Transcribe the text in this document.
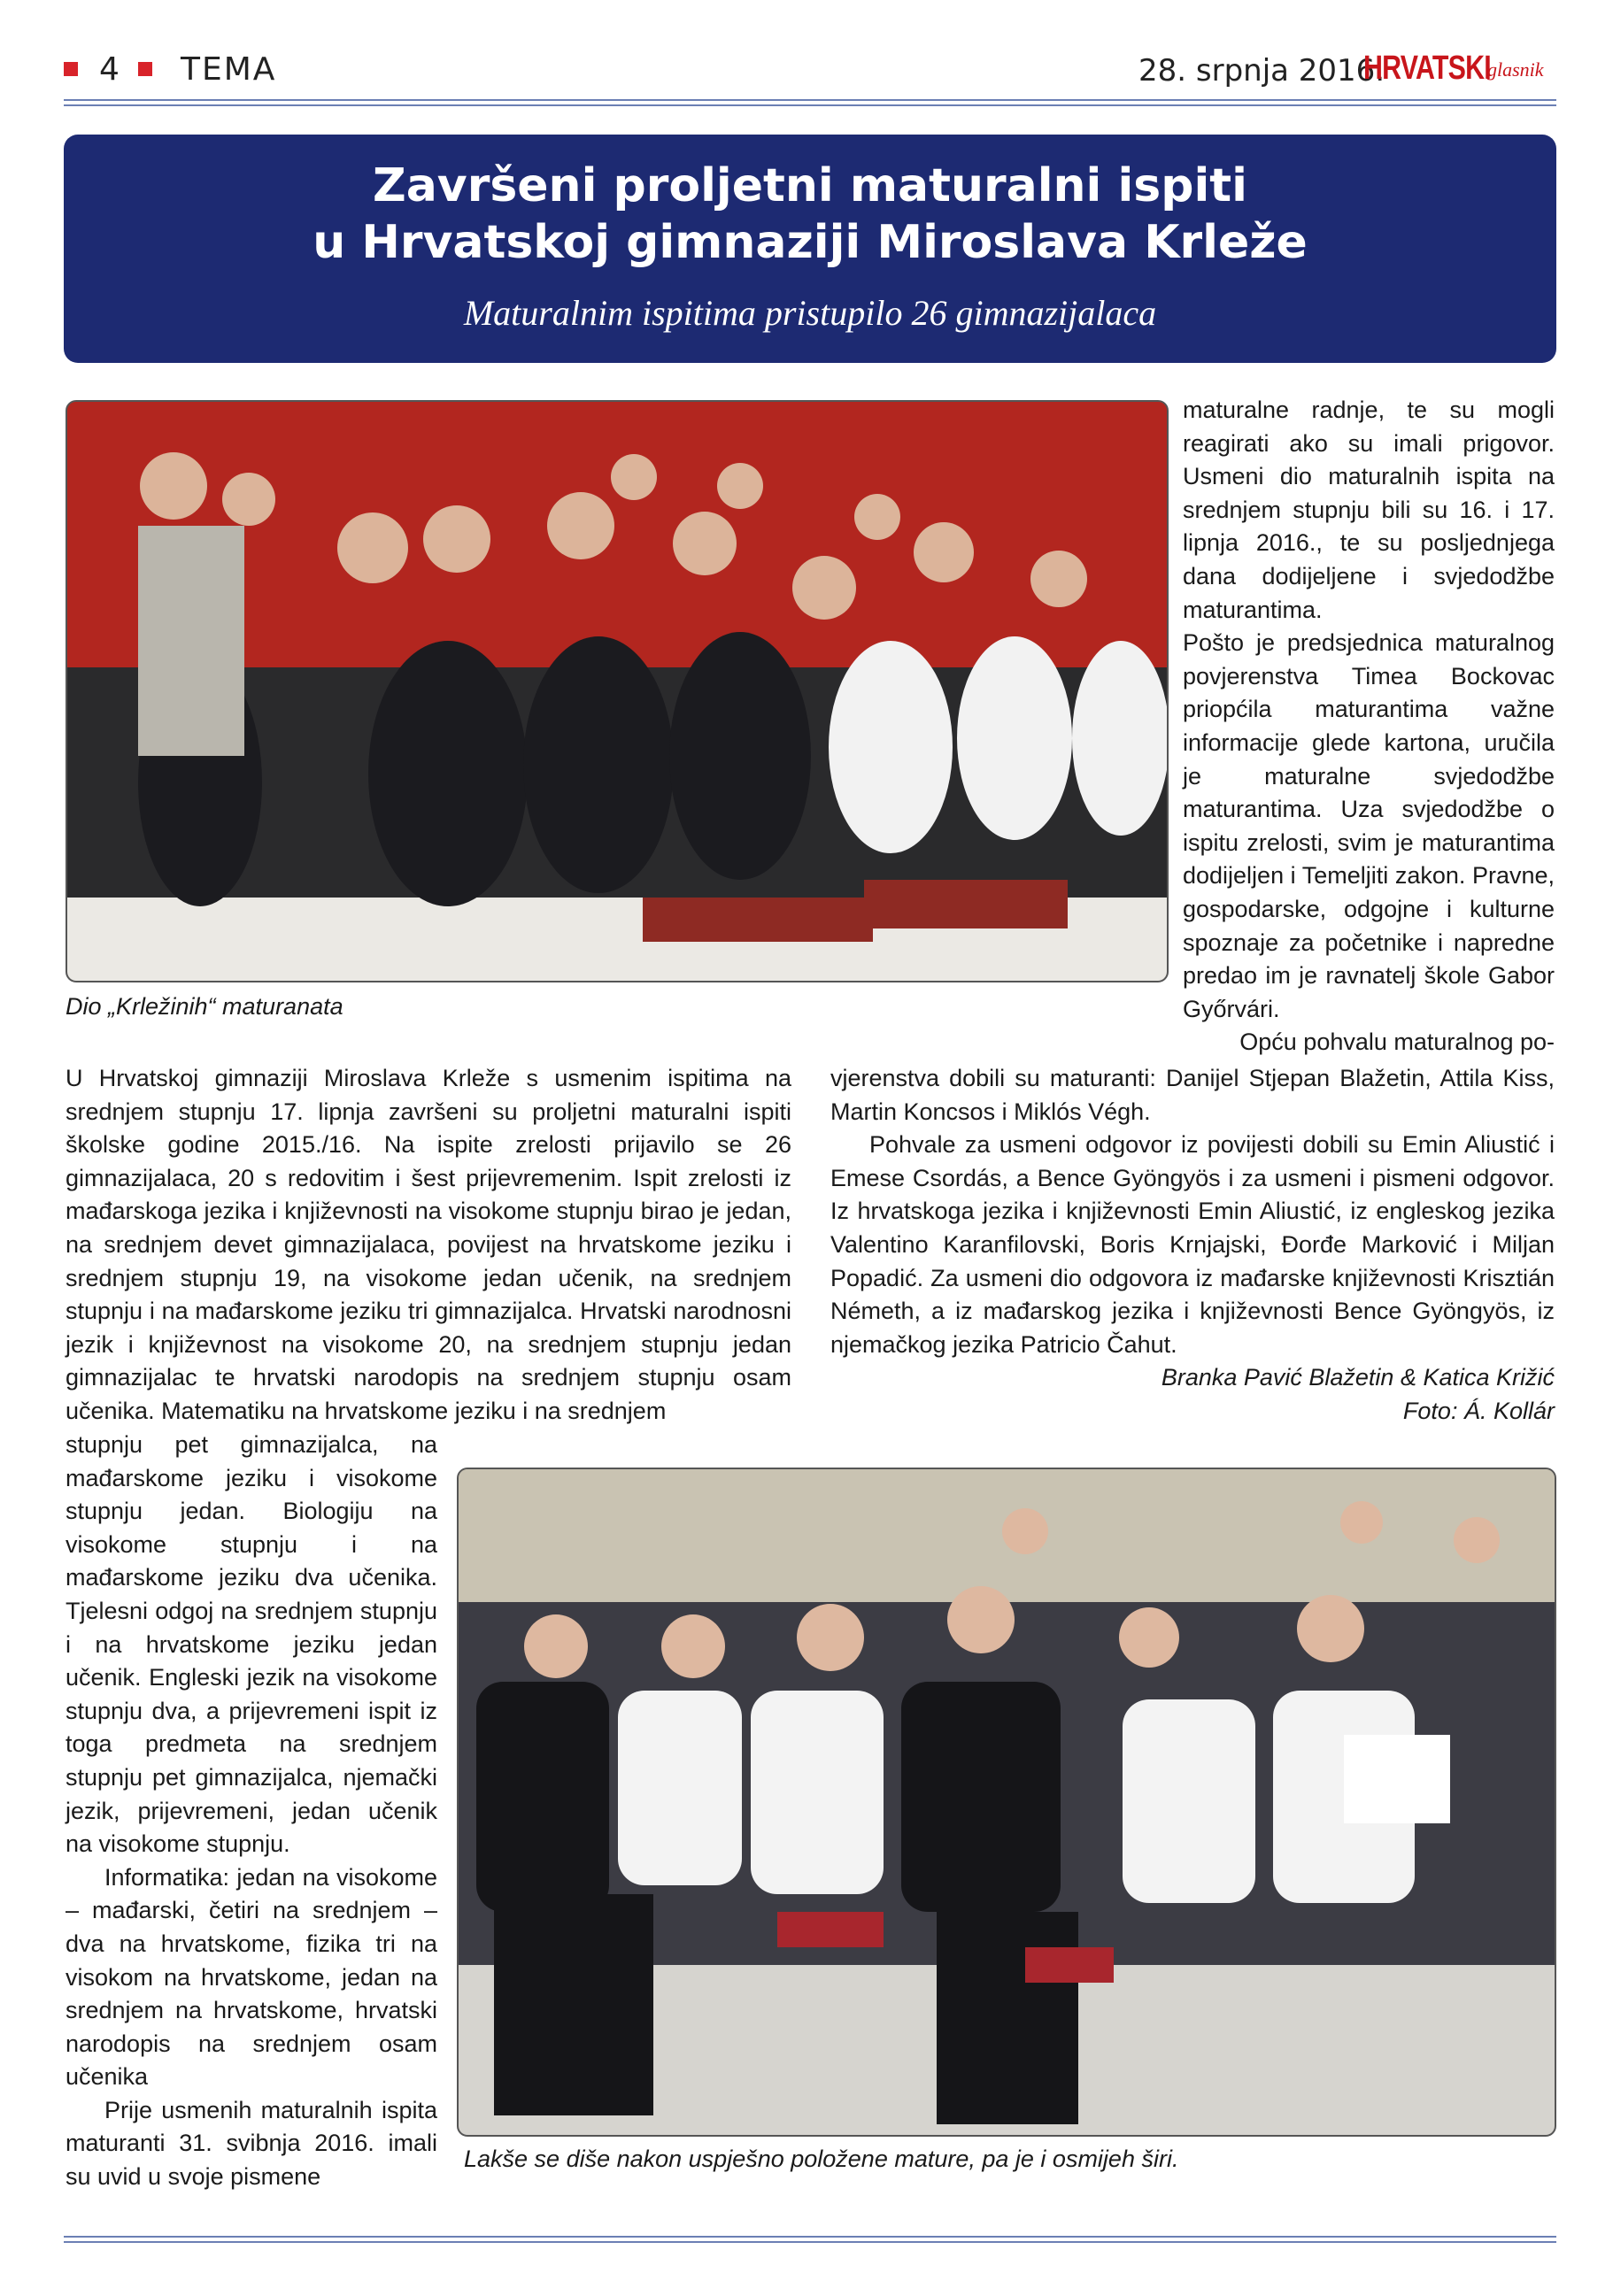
4 TEMA	28. srpnja 2016.
HRVATSKI
glasnik
Završeni proljetni maturalni ispiti
u Hrvatskoj gimnaziji Miroslava Krleže
Maturalnim ispitima pristupilo 26 gimnazijalaca
Dio „Krležinih“ maturanata

maturalne radnje, te su mogli reagirati ako su imali prigovor. Usmeni dio maturalnih ispita na srednjem stupnju bili su 16. i 17. lipnja 2016., te su posljednjega dana dodijeljene i svjedodžbe maturantima.

Pošto je predsjednica maturalnog povjerenstva Timea Bockovac priopćila maturantima važne informacije glede kartona, uručila je maturalne svjedodžbe maturantima. Uza svjedodžbe o ispitu zrelosti, svim je maturantima dodijeljen i Temeljiti zakon. Pravne, gospodarske, odgojne i kulturne spoznaje za početnike i napredne predao im je ravnatelj škole Gabor Győrvári.

Opću pohvalu maturalnog po-

vjerenstva dobili su maturanti: Danijel Stjepan Blažetin, Attila Kiss, Martin Koncsos i Miklós Végh.

Pohvale za usmeni odgovor iz povijesti dobili su Emin Aliustić i Emese Csordás, a Bence Gyöngyös i za usmeni i pismeni odgovor. Iz hrvatskoga jezika i književnosti Emin Aliustić, iz engleskog jezika Valentino Karanfilovski, Boris Krnjajski, Đorđe Marković i Miljan Popadić. Za usmeni dio odgovora iz mađarske književnosti Krisztián Németh, a iz mađarskog jezika i književnosti Bence Gyöngyös, iz njemačkog jezika Patricio Čahut.

Branka Pavić Blažetin & Katica Križić
Foto: Á. Kollár

U Hrvatskoj gimnaziji Miroslava Krleže s usmenim ispitima na srednjem stupnju 17. lipnja završeni su proljetni maturalni ispiti školske godine 2015./16. Na ispite zrelosti prijavilo se 26 gimnazijalaca, 20 s redovitim i šest prijevremenim. Ispit zrelosti iz mađarskoga jezika i književnosti na visokome stupnju birao je jedan, na srednjem devet gimnazijalaca, povijest na hrvatskome jeziku i srednjem stupnju 19, na visokome jedan učenik, na srednjem stupnju i na mađarskome jeziku tri gimnazijalca. Hrvatski narodnosni jezik i književnost na visokome 20, na srednjem stupnju jedan gimnazijalac te hrvatski narodopis na srednjem stupnju osam učenika. Matematiku na hrvatskome jeziku i na srednjem

stupnju pet gimnazijalca, na mađarskome jeziku i visokome stupnju jedan. Biologiju na visokome stupnju i na mađarskome jeziku dva učenika. Tjelesni odgoj na srednjem stupnju i na hrvatskome jeziku jedan učenik. Engleski jezik na visokome stupnju dva, a prijevremeni ispit iz toga predmeta na srednjem stupnju pet gimnazijalca, njemački jezik, prijevremeni, jedan učenik na visokome stupnju.

Informatika: jedan na visokome – mađarski, četiri na srednjem – dva na hrvatskome, fizika tri na visokom na hrvatskome, jedan na srednjem na hrvatskome, hrvatski narodopis na srednjem osam učenika

Prije usmenih maturalnih ispita maturanti 31. svibnja 2016. imali su uvid u svoje pismene

Lakše se diše nakon uspješno položene mature, pa je i osmijeh širi.
